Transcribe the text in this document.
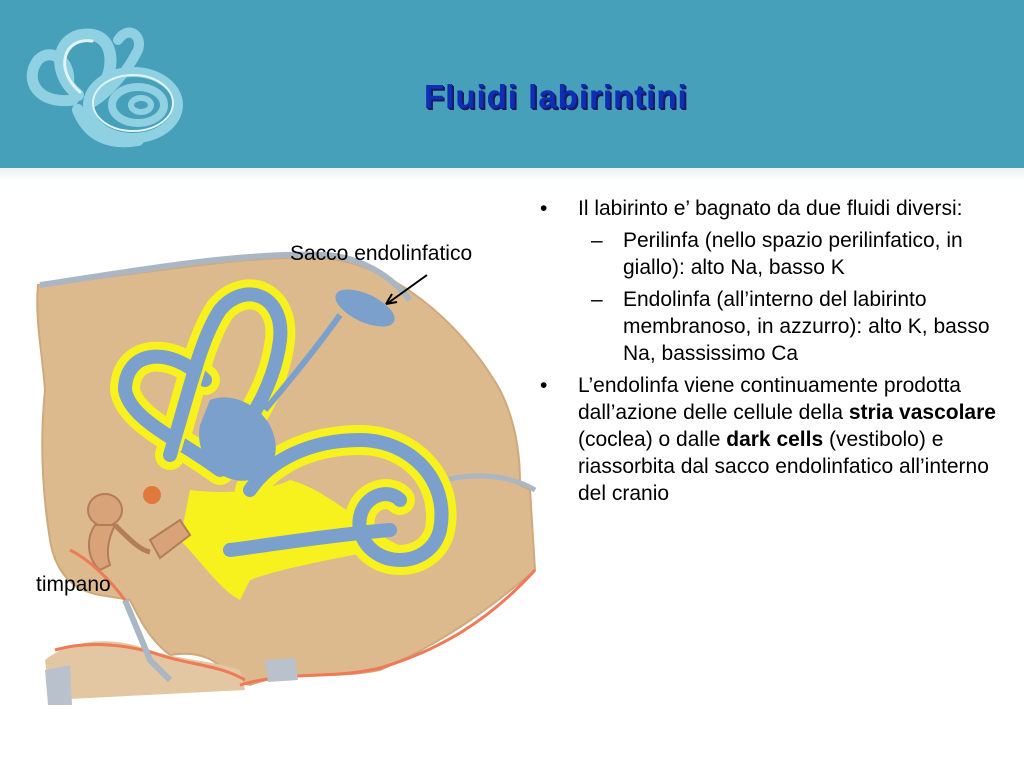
Fluidi labirintini
Sacco endolinfatico
timpano

• Il labirinto e’ bagnato da due fluidi diversi:

– Perilinfa (nello spazio perilinfatico, in giallo): alto Na, basso K

– Endolinfa (all’interno del labirinto membranoso, in azzurro): alto K, basso Na, bassissimo Ca

• L’endolinfa viene continuamente prodotta dall’azione delle cellule della stria vascolare (coclea) o dalle dark cells (vestibolo) e riassorbita dal sacco endolinfatico all’interno del cranio
